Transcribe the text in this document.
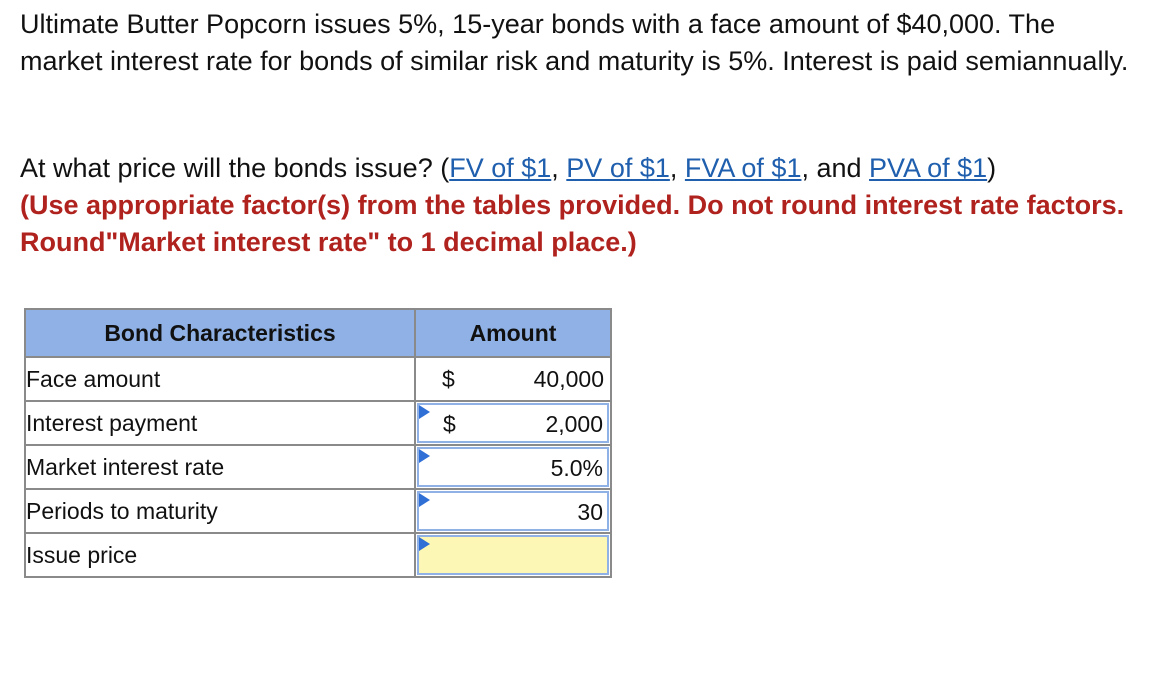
Ultimate Butter Popcorn issues 5%, 15-year bonds with a face amount of $40,000. The market interest rate for bonds of similar risk and maturity is 5%. Interest is paid semiannually.

At what price will the bonds issue? (FV of $1, PV of $1, FVA of $1, and PVA of $1)
(Use appropriate factor(s) from the tables provided. Do not round interest rate factors. Round"Market interest rate" to 1 decimal place.)

Bond Characteristics	Amount
Face amount	$ 40,000

Interest payment	$ 2,000

Market interest rate	5.0%

Periods to maturity	30

Issue price	
